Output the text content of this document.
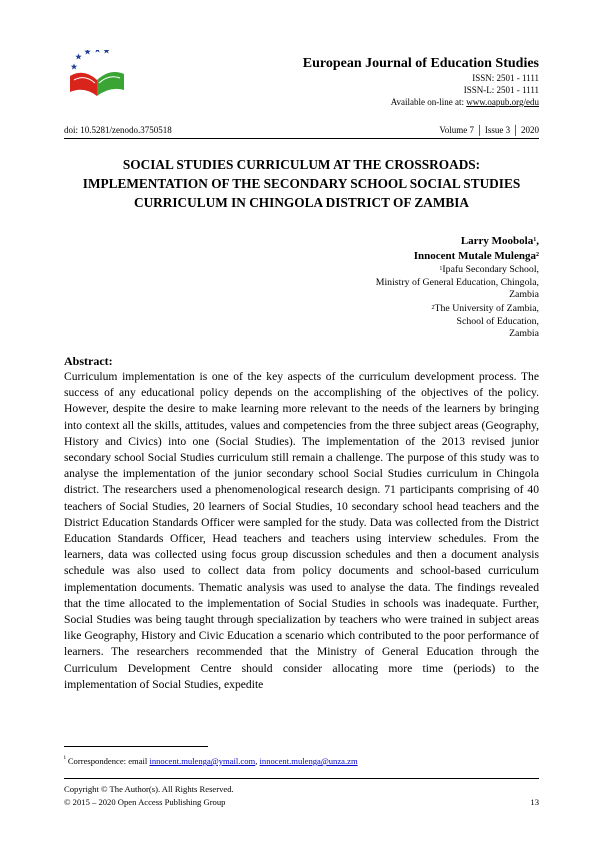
European Journal of Education Studies
ISSN: 2501 - 1111
ISSN-L: 2501 - 1111
Available on-line at: www.oapub.org/edu
doi: 10.5281/zenodo.3750518	Volume 7 │ Issue 3 │ 2020
SOCIAL STUDIES CURRICULUM AT THE CROSSROADS: IMPLEMENTATION OF THE SECONDARY SCHOOL SOCIAL STUDIES CURRICULUM IN CHINGOLA DISTRICT OF ZAMBIA
Larry Moobola$^1$,
Innocent Mutale Mulenga$^2$
$^1$Ipafu Secondary School,
Ministry of General Education, Chingola,
Zambia
$^2$The University of Zambia,
School of Education,
Zambia
Abstract:
Curriculum implementation is one of the key aspects of the curriculum development process. The success of any educational policy depends on the accomplishing of the objectives of the policy. However, despite the desire to make learning more relevant to the needs of the learners by bringing into context all the skills, attitudes, values and competencies from the three subject areas (Geography, History and Civics) into one (Social Studies). The implementation of the 2013 revised junior secondary school Social Studies curriculum still remain a challenge. The purpose of this study was to analyse the implementation of the junior secondary school Social Studies curriculum in Chingola district. The researchers used a phenomenological research design. 71 participants comprising of 40 teachers of Social Studies, 20 learners of Social Studies, 10 secondary school head teachers and the District Education Standards Officer were sampled for the study. Data was collected from the District Education Standards Officer, Head teachers and teachers using interview schedules. From the learners, data was collected using focus group discussion schedules and then a document analysis schedule was also used to collect data from policy documents and school-based curriculum implementation documents. Thematic analysis was used to analyse the data. The findings revealed that the time allocated to the implementation of Social Studies in schools was inadequate. Further, Social Studies was being taught through specialization by teachers who were trained in subject areas like Geography, History and Civic Education a scenario which contributed to the poor performance of learners. The researchers recommended that the Ministry of General Education through the Curriculum Development Centre should consider allocating more time (periods) to the implementation of Social Studies, expedite
$^i$ Correspondence: email innocent.mulenga@ymail.com, innocent.mulenga@unza.zm
Copyright © The Author(s). All Rights Reserved.
© 2015 – 2020 Open Access Publishing Group	13
